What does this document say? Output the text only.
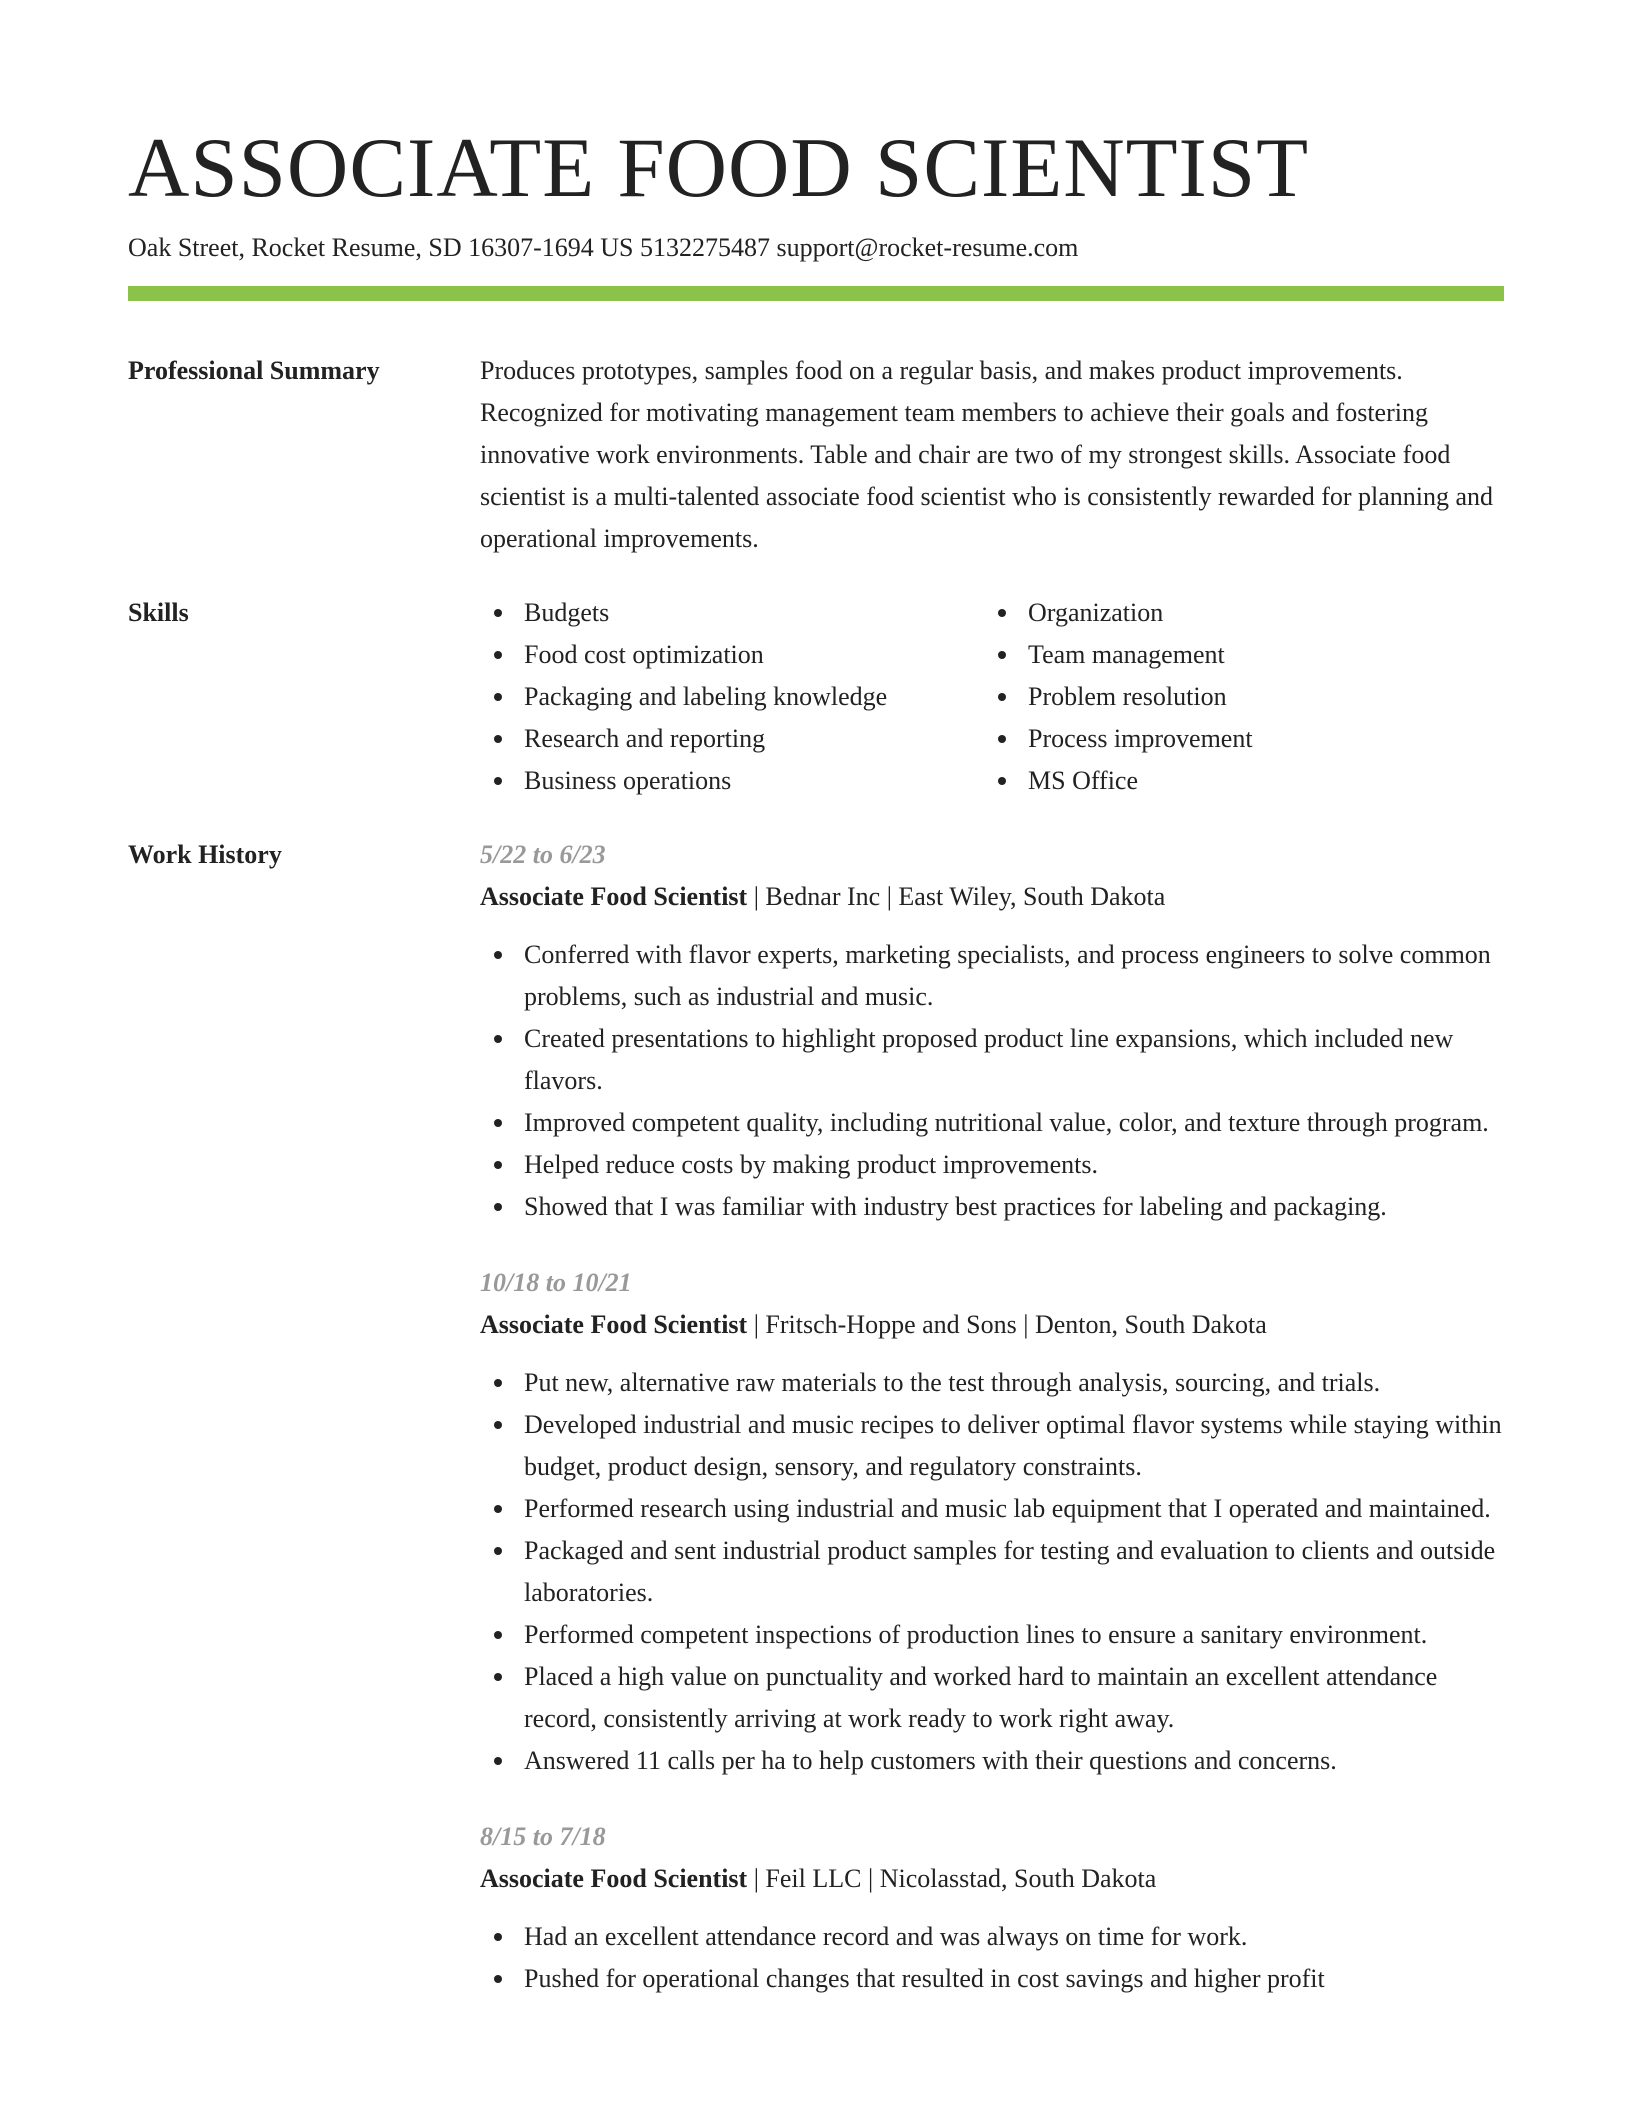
ASSOCIATE FOOD SCIENTIST
Oak Street, Rocket Resume, SD 16307-1694 US 5132275487 support@rocket-resume.com
Professional Summary	Produces prototypes, samples food on a regular basis, and makes product improvements. Recognized for motivating management team members to achieve their goals and fostering innovative work environments. Table and chair are two of my strongest skills. Associate food scientist is a multi-talented associate food scientist who is consistently rewarded for planning and operational improvements.

Skills	Budgets
Food cost optimization
Packaging and labeling knowledge
Research and reporting
Business operations
Organization
Team management
Problem resolution
Process improvement
MS Office
Work History	5/22 to 6/23
Associate Food Scientist | Bednar Inc | East Wiley, South Dakota
Conferred with flavor experts, marketing specialists, and process engineers to solve common problems, such as industrial and music.
Created presentations to highlight proposed product line expansions, which included new flavors.
Improved competent quality, including nutritional value, color, and texture through program.
Helped reduce costs by making product improvements.
Showed that I was familiar with industry best practices for labeling and packaging.
10/18 to 10/21
Associate Food Scientist | Fritsch-Hoppe and Sons | Denton, South Dakota
Put new, alternative raw materials to the test through analysis, sourcing, and trials.
Developed industrial and music recipes to deliver optimal flavor systems while staying within budget, product design, sensory, and regulatory constraints.
Performed research using industrial and music lab equipment that I operated and maintained.
Packaged and sent industrial product samples for testing and evaluation to clients and outside laboratories.
Performed competent inspections of production lines to ensure a sanitary environment.
Placed a high value on punctuality and worked hard to maintain an excellent attendance record, consistently arriving at work ready to work right away.
Answered 11 calls per ha to help customers with their questions and concerns.
8/15 to 7/18
Associate Food Scientist | Feil LLC | Nicolasstad, South Dakota
Had an excellent attendance record and was always on time for work.
Pushed for operational changes that resulted in cost savings and higher profit
